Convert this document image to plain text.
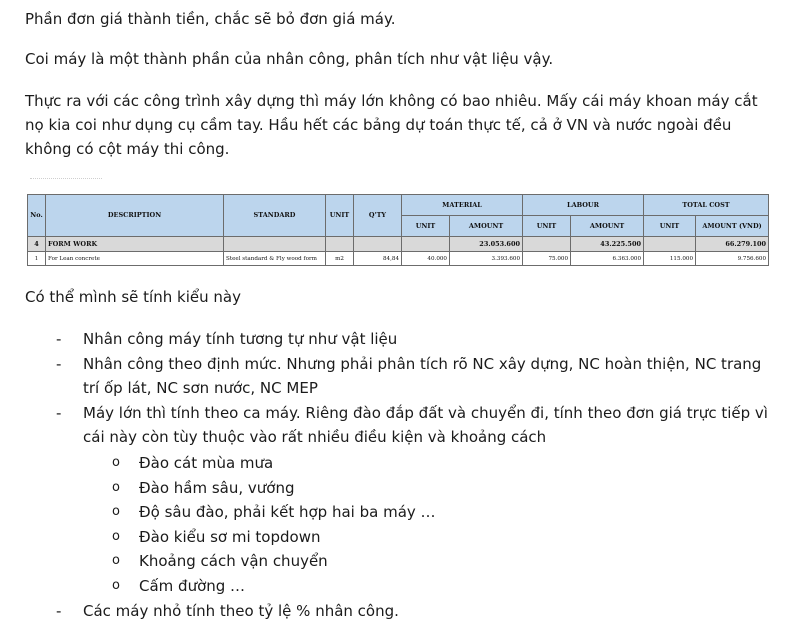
Phần đơn giá thành tiền, chắc sẽ bỏ đơn giá máy.

Coi máy là một thành phần của nhân công, phân tích như vật liệu vậy.

Thực ra với các công trình xây dựng thì máy lớn không có bao nhiêu. Mấy cái máy khoan máy cắt nọ kia coi như dụng cụ cầm tay. Hầu hết các bảng dự toán thực tế, cả ở VN và nước ngoài đều không có cột máy thi công.

No.	DESCRIPTION	STANDARD	UNIT	Q'TY	MATERIAL		LABOUR		TOTAL COST	
					UNIT	AMOUNT	UNIT	AMOUNT	UNIT	AMOUNT (VND)
4	FORM WORK					23.053.600		43.225.500		66.279.100
1	For Lean concrete	Steel standard & Fly wood form	m2	84,84	40.000	3.393.600	75.000	6.363.000	115.000	9.756.600

Có thể mình sẽ tính kiểu này

- Nhân công máy tính tương tự như vật liệu
- Nhân công theo định mức. Nhưng phải phân tích rõ NC xây dựng, NC hoàn thiện, NC trang trí ốp lát, NC sơn nước, NC MEP
- Máy lớn thì tính theo ca máy. Riêng đào đắp đất và chuyển đi, tính theo đơn giá trực tiếp vì cái này còn tùy thuộc vào rất nhiều điều kiện và khoảng cách
o Đào cát mùa mưa
o Đào hầm sâu, vướng
o Độ sâu đào, phải kết hợp hai ba máy …
o Đào kiểu sơ mi topdown
o Khoảng cách vận chuyển
o Cấm đường …
- Các máy nhỏ tính theo tỷ lệ % nhân công.
